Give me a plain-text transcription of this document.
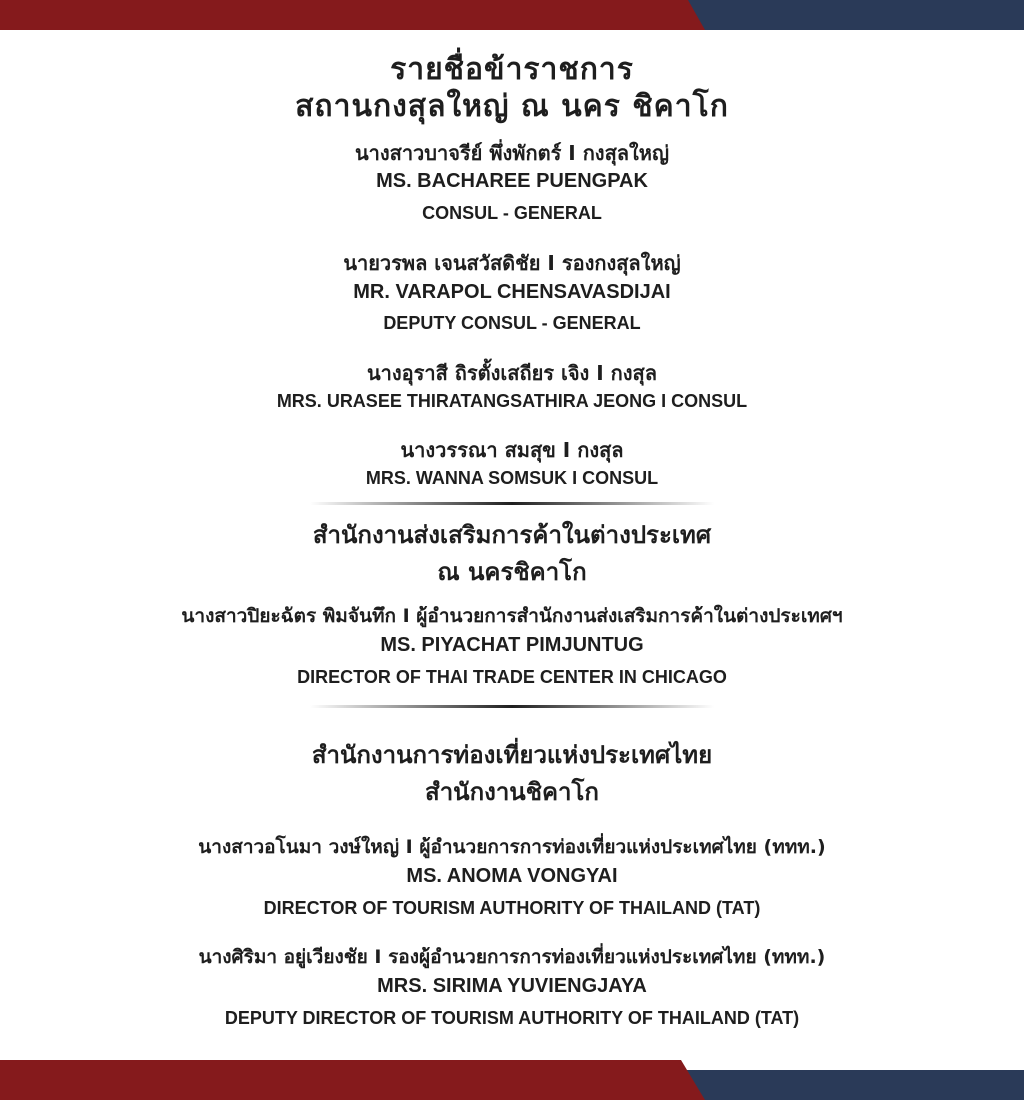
รายชื่อข้าราชการ
สถานกงสุลใหญ่ ณ นคร ชิคาโก
นางสาวบาจรีย์ พึ่งพักตร์ I กงสุลใหญ่
MS. BACHAREE PUENGPAK
CONSUL - GENERAL
นายวรพล เจนสวัสดิชัย I รองกงสุลใหญ่
MR. VARAPOL CHENSAVASDIJAI
DEPUTY CONSUL - GENERAL
นางอุราสี ถิรตั้งเสถียร เจิง I กงสุล
MRS. URASEE THIRATANGSATHIRA JEONG I CONSUL
นางวรรณา สมสุข I กงสุล
MRS. WANNA SOMSUK I CONSUL
สำนักงานส่งเสริมการค้าในต่างประเทศ
ณ นครชิคาโก
นางสาวปิยะฉัตร พิมจันทึก I ผู้อำนวยการสำนักงานส่งเสริมการค้าในต่างประเทศฯ
MS. PIYACHAT PIMJUNTUG
DIRECTOR OF THAI TRADE CENTER IN CHICAGO
สำนักงานการท่องเที่ยวแห่งประเทศไทย
สำนักงานชิคาโก
นางสาวอโนมา วงษ์ใหญ่ I ผู้อำนวยการการท่องเที่ยวแห่งประเทศไทย (ททท.)
MS. ANOMA VONGYAI
DIRECTOR OF TOURISM AUTHORITY OF THAILAND (TAT)
นางศิริมา อยู่เวียงชัย I รองผู้อำนวยการการท่องเที่ยวแห่งประเทศไทย (ททท.)
MRS. SIRIMA YUVIENGJAYA
DEPUTY DIRECTOR OF TOURISM AUTHORITY OF THAILAND (TAT)
